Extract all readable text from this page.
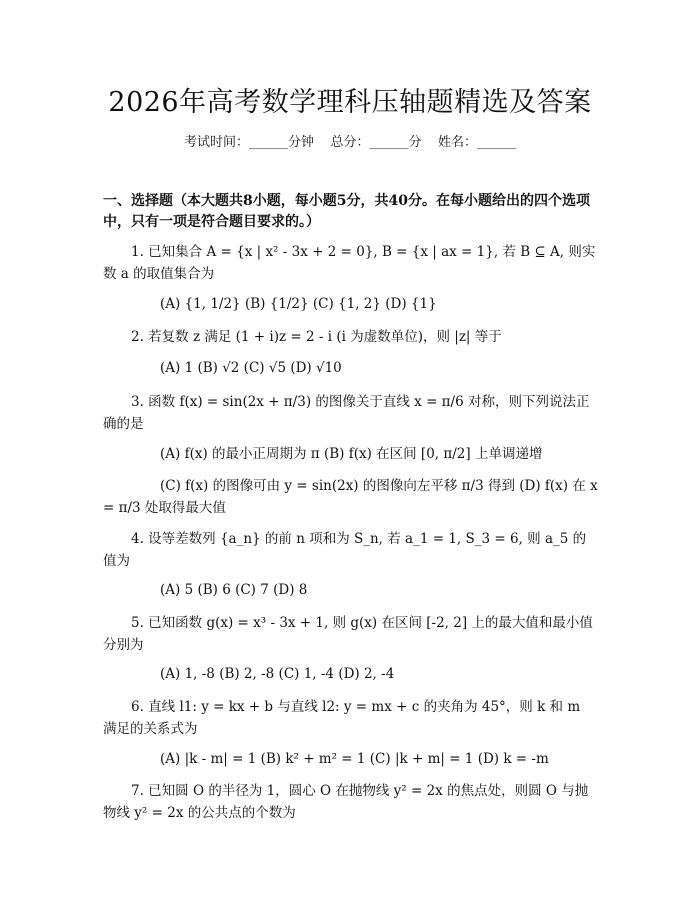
2026年高考数学理科压轴题精选及答案
考试时间：______分钟    总分：______分    姓名：______
一、选择题（本大题共8小题，每小题5分，共40分。在每小题给出的四个选项中，只有一项是符合题目要求的。）
1. 已知集合 A = {x | x² - 3x + 2 = 0}, B = {x | ax = 1}, 若 B ⊆ A, 则实数 a 的取值集合为
(A) {1, 1/2} (B) {1/2} (C) {1, 2} (D) {1}
2. 若复数 z 满足 (1 + i)z = 2 - i (i 为虚数单位)，则 |z| 等于
(A) 1 (B) √2 (C) √5 (D) √10
3. 函数 f(x) = sin(2x + π/3) 的图像关于直线 x = π/6 对称，则下列说法正确的是
(A) f(x) 的最小正周期为 π (B) f(x) 在区间 [0, π/2] 上单调递增
(C) f(x) 的图像可由 y = sin(2x) 的图像向左平移 π/3 得到 (D) f(x) 在 x = π/3 处取得最大值
4. 设等差数列 {a_n} 的前 n 项和为 S_n, 若 a_1 = 1, S_3 = 6, 则 a_5 的值为
(A) 5 (B) 6 (C) 7 (D) 8
5. 已知函数 g(x) = x³ - 3x + 1, 则 g(x) 在区间 [-2, 2] 上的最大值和最小值分别为
(A) 1, -8 (B) 2, -8 (C) 1, -4 (D) 2, -4
6. 直线 l1: y = kx + b 与直线 l2: y = mx + c 的夹角为 45°，则 k 和 m 满足的关系式为
(A) |k - m| = 1 (B) k² + m² = 1 (C) |k + m| = 1 (D) k = -m
7. 已知圆 O 的半径为 1，圆心 O 在抛物线 y² = 2x 的焦点处，则圆 O 与抛物线 y² = 2x 的公共点的个数为
